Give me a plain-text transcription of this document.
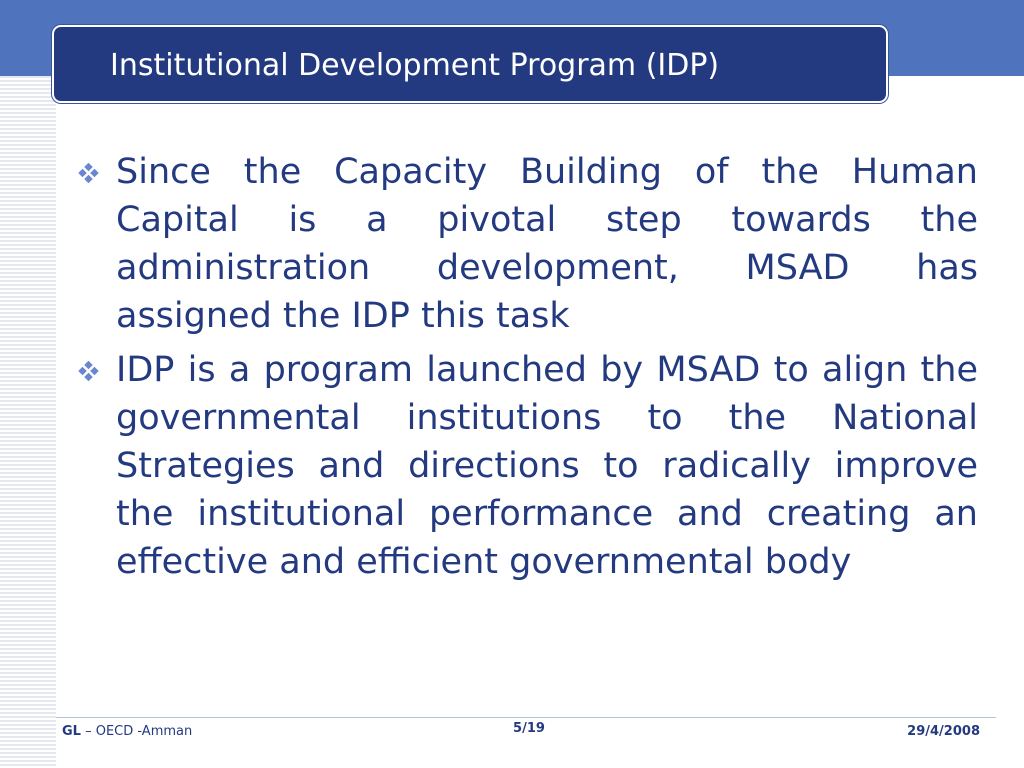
Institutional Development Program (IDP)
Since the Capacity Building of the Human Capital is a pivotal step towards the administration development, MSAD has assigned the IDP this task
IDP is a program launched by MSAD to align the governmental institutions to the National Strategies and directions to radically improve the institutional performance and creating an effective and efficient governmental body
GL – OECD -Amman	5/19	29/4/2008
